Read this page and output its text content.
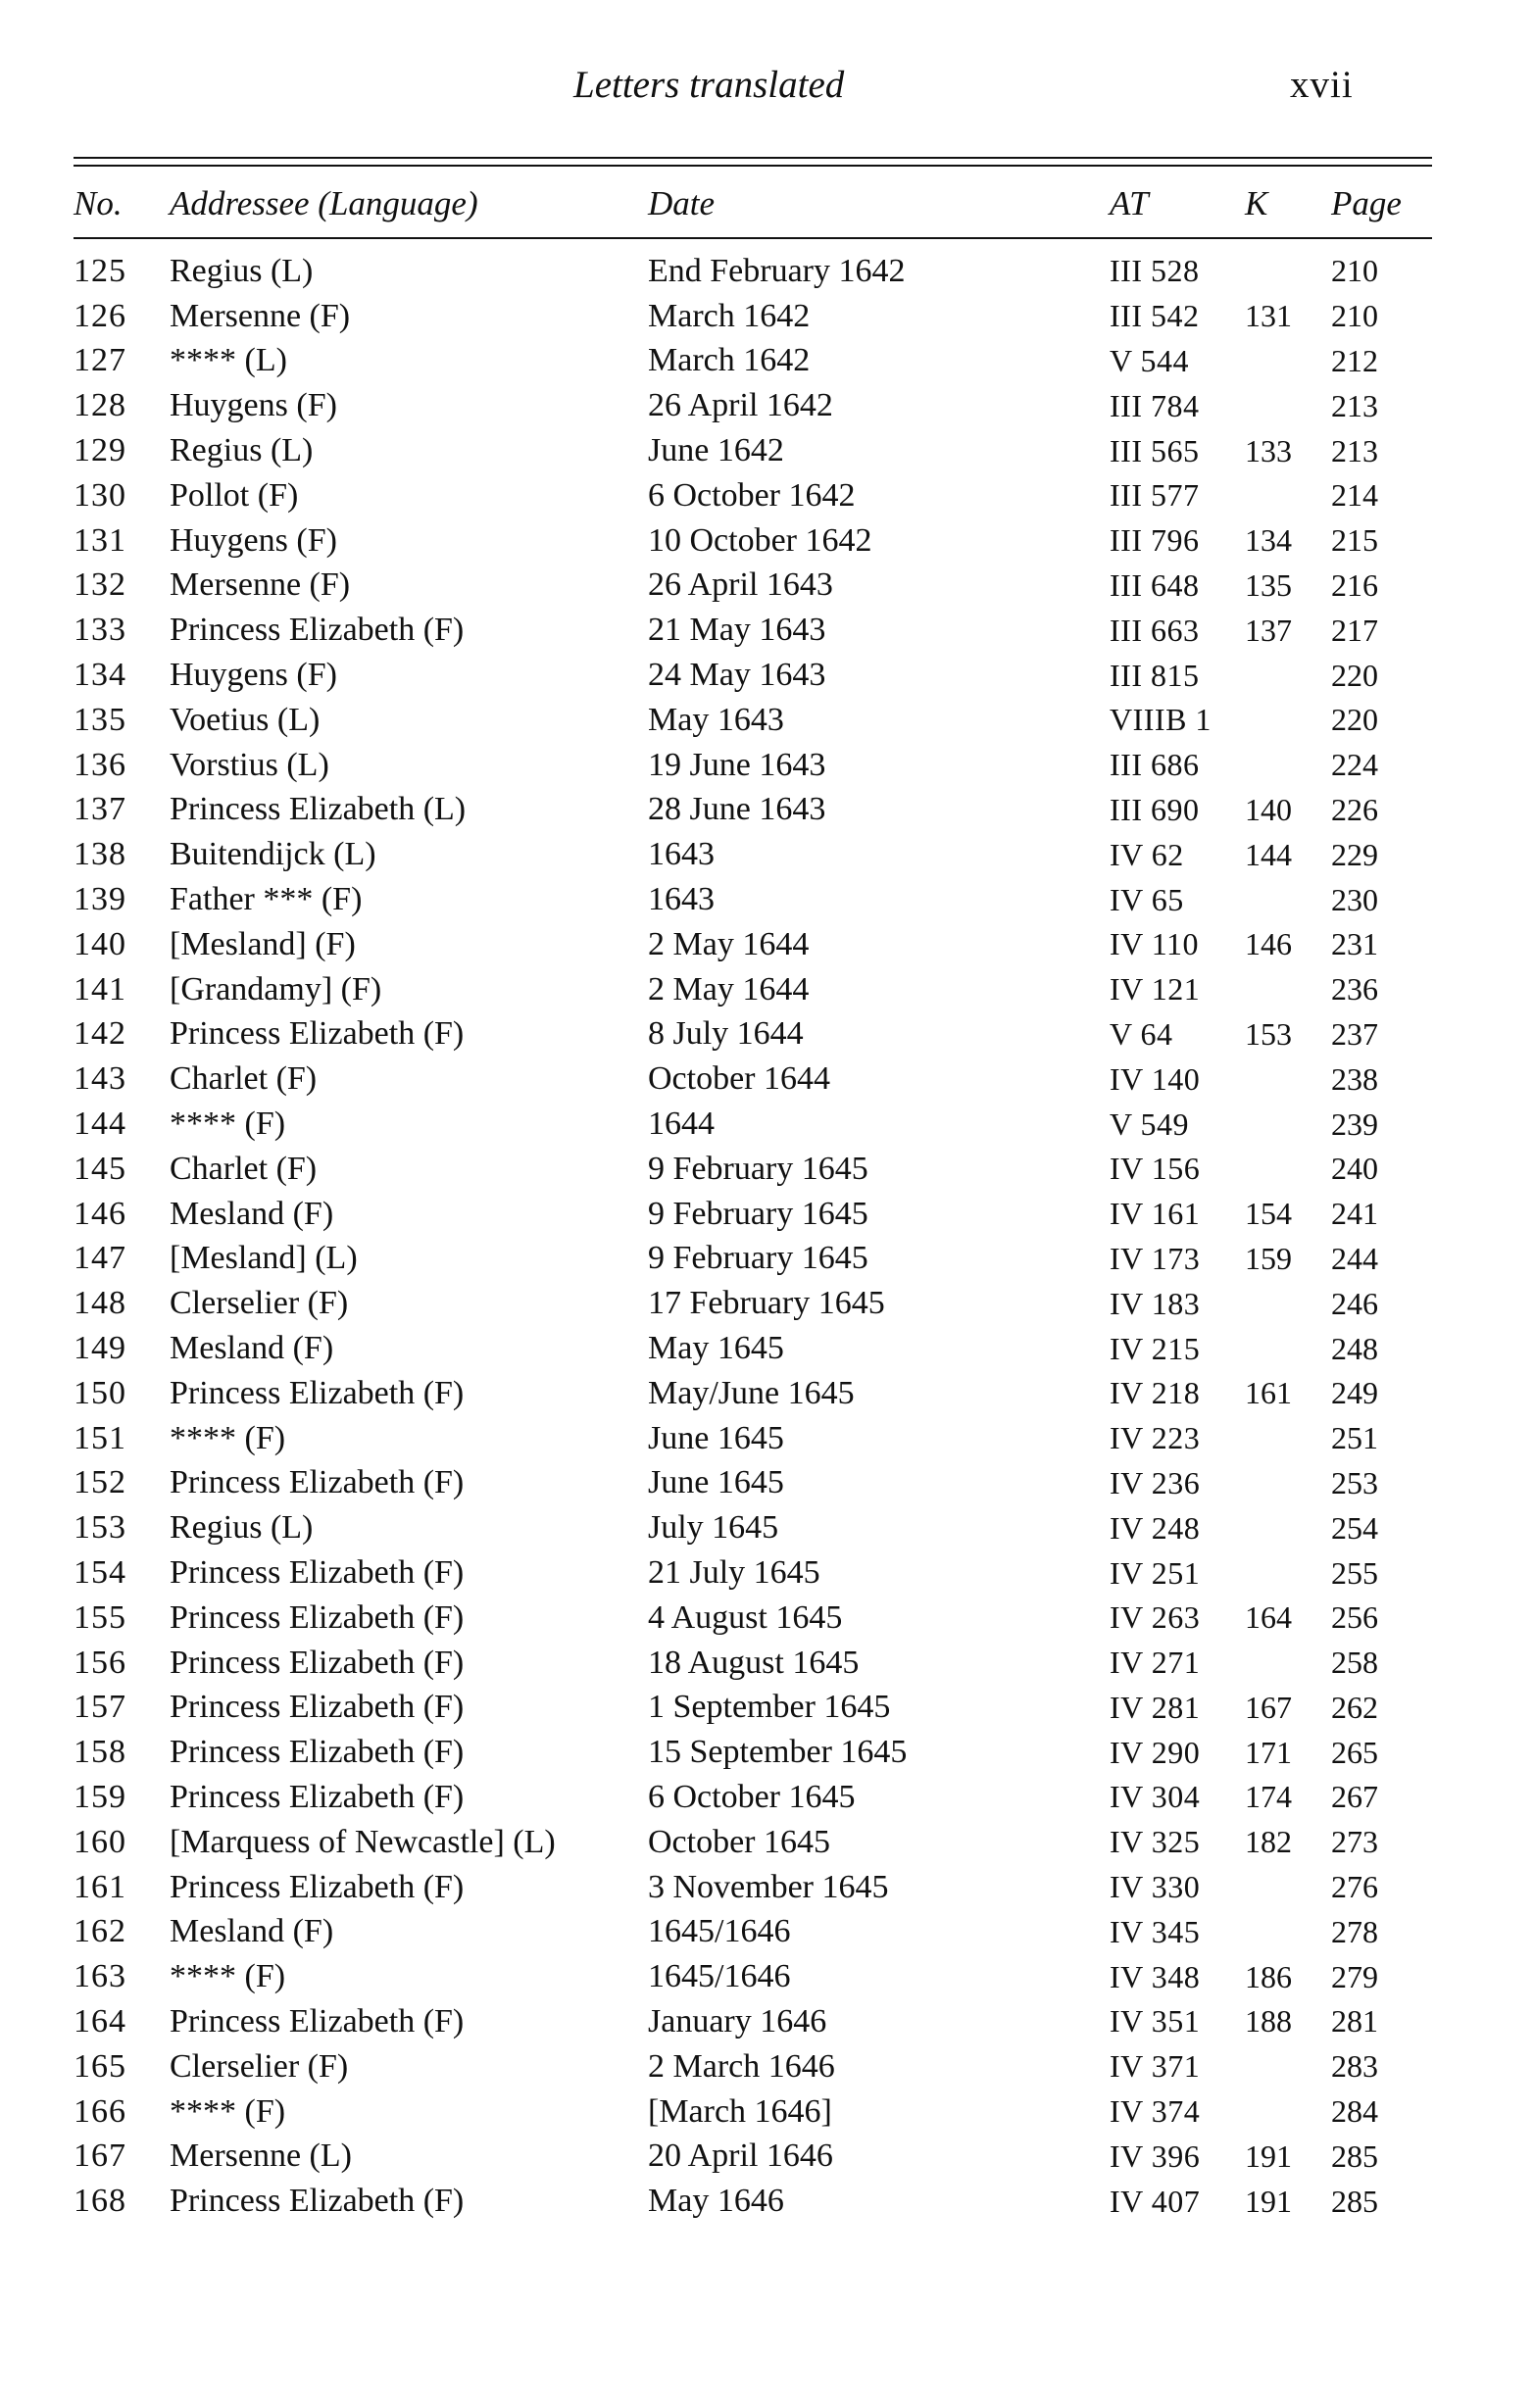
Letters translated	xvii
No.	Addressee (Language)	Date	AT	K	Page

125	Regius (L)	End February 1642	III 528		210
126	Mersenne (F)	March 1642	III 542	131	210
127	**** (L)	March 1642	V 544		212
128	Huygens (F)	26 April 1642	III 784		213
129	Regius (L)	June 1642	III 565	133	213
130	Pollot (F)	6 October 1642	III 577		214
131	Huygens (F)	10 October 1642	III 796	134	215
132	Mersenne (F)	26 April 1643	III 648	135	216
133	Princess Elizabeth (F)	21 May 1643	III 663	137	217
134	Huygens (F)	24 May 1643	III 815		220
135	Voetius (L)	May 1643	VIIIB 1		220
136	Vorstius (L)	19 June 1643	III 686		224
137	Princess Elizabeth (L)	28 June 1643	III 690	140	226
138	Buitendijck (L)	1643	IV 62	144	229
139	Father *** (F)	1643	IV 65		230
140	[Mesland] (F)	2 May 1644	IV 110	146	231
141	[Grandamy] (F)	2 May 1644	IV 121		236
142	Princess Elizabeth (F)	8 July 1644	V 64	153	237
143	Charlet (F)	October 1644	IV 140		238
144	**** (F)	1644	V 549		239
145	Charlet (F)	9 February 1645	IV 156		240
146	Mesland (F)	9 February 1645	IV 161	154	241
147	[Mesland] (L)	9 February 1645	IV 173	159	244
148	Clerselier (F)	17 February 1645	IV 183		246
149	Mesland (F)	May 1645	IV 215		248
150	Princess Elizabeth (F)	May/June 1645	IV 218	161	249
151	**** (F)	June 1645	IV 223		251
152	Princess Elizabeth (F)	June 1645	IV 236		253
153	Regius (L)	July 1645	IV 248		254
154	Princess Elizabeth (F)	21 July 1645	IV 251		255
155	Princess Elizabeth (F)	4 August 1645	IV 263	164	256
156	Princess Elizabeth (F)	18 August 1645	IV 271		258
157	Princess Elizabeth (F)	1 September 1645	IV 281	167	262
158	Princess Elizabeth (F)	15 September 1645	IV 290	171	265
159	Princess Elizabeth (F)	6 October 1645	IV 304	174	267
160	[Marquess of Newcastle] (L)	October 1645	IV 325	182	273
161	Princess Elizabeth (F)	3 November 1645	IV 330		276
162	Mesland (F)	1645/1646	IV 345		278
163	**** (F)	1645/1646	IV 348	186	279
164	Princess Elizabeth (F)	January 1646	IV 351	188	281
165	Clerselier (F)	2 March 1646	IV 371		283
166	**** (F)	[March 1646]	IV 374		284
167	Mersenne (L)	20 April 1646	IV 396	191	285
168	Princess Elizabeth (F)	May 1646	IV 407	191	285
